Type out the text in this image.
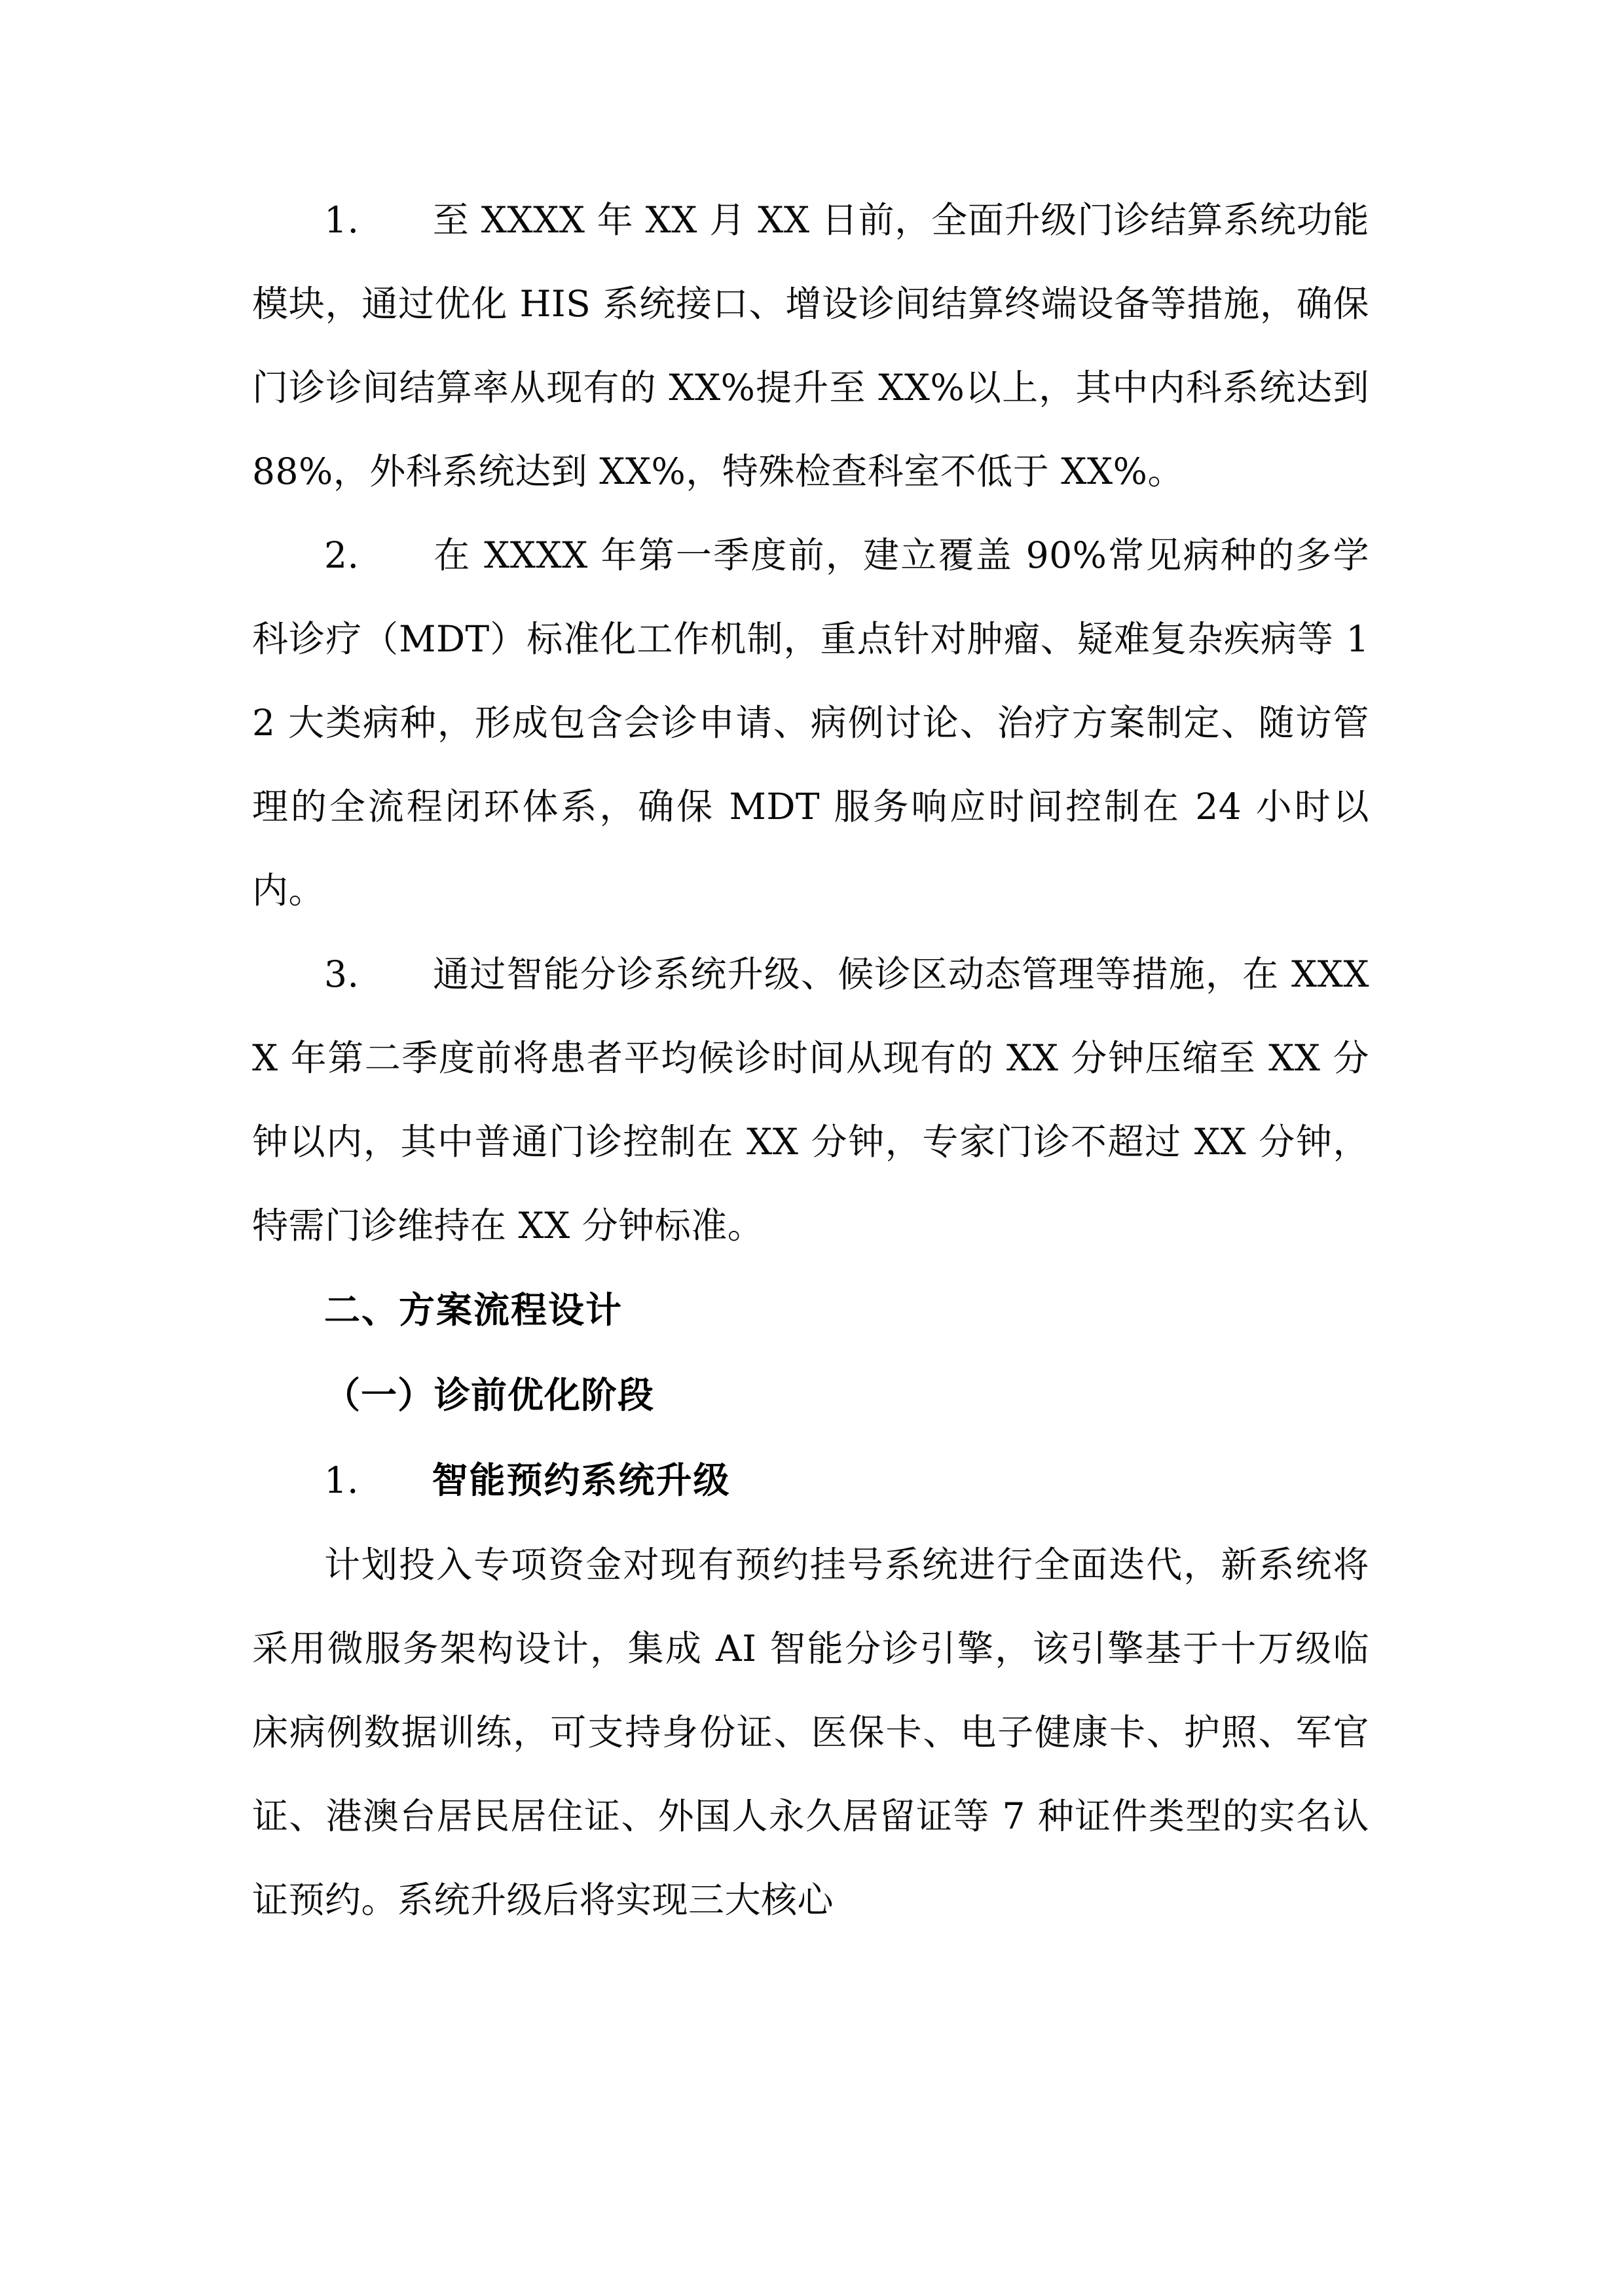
1. 至 XXXX 年 XX 月 XX 日前，全面升级门诊结算系统功能模块，通过优化 HIS 系统接口、增设诊间结算终端设备等措施，确保门诊诊间结算率从现有的 XX%提升至 XX%以上，其中内科系统达到 88%，外科系统达到 XX%，特殊检查科室不低于 XX%。

2. 在 XXXX 年第一季度前，建立覆盖 90%常见病种的多学科诊疗（MDT）标准化工作机制，重点针对肿瘤、疑难复杂疾病等 12 大类病种，形成包含会诊申请、病例讨论、治疗方案制定、随访管理的全流程闭环体系，确保 MDT 服务响应时间控制在 24 小时以内。

3. 通过智能分诊系统升级、候诊区动态管理等措施，在 XXXX 年第二季度前将患者平均候诊时间从现有的 XX 分钟压缩至 XX 分钟以内，其中普通门诊控制在 XX 分钟，专家门诊不超过 XX 分钟，特需门诊维持在 XX 分钟标准。

二、方案流程设计

（一）诊前优化阶段

1. 智能预约系统升级

计划投入专项资金对现有预约挂号系统进行全面迭代，新系统将采用微服务架构设计，集成 AI 智能分诊引擎，该引擎基于十万级临床病例数据训练，可支持身份证、医保卡、电子健康卡、护照、军官证、港澳台居民居住证、外国人永久居留证等 7 种证件类型的实名认证预约。系统升级后将实现三大核心
